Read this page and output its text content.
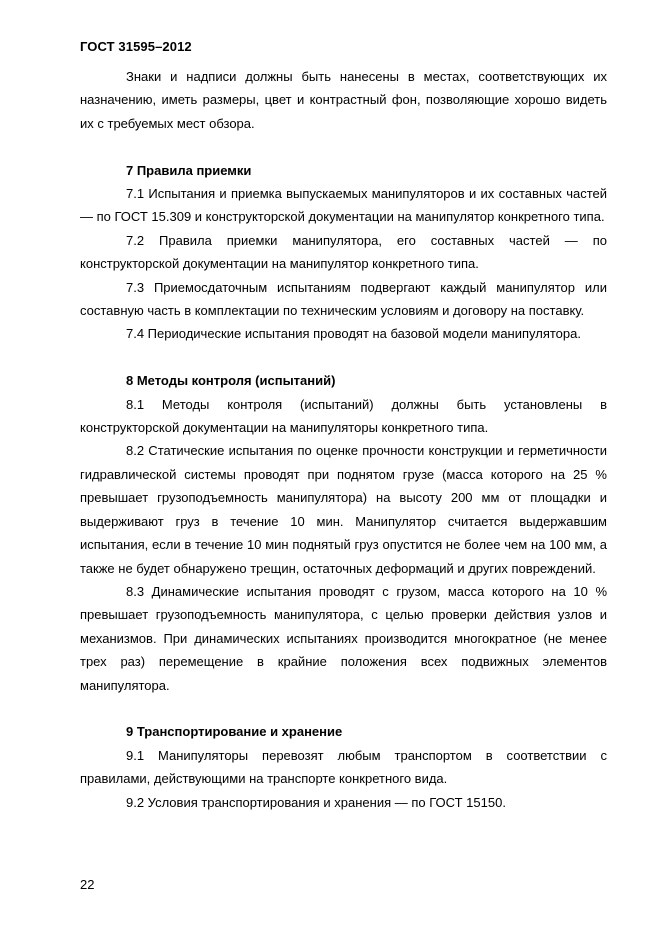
ГОСТ 31595–2012

Знаки и надписи должны быть нанесены в местах, соответствующих их назначению, иметь размеры, цвет и контрастный фон, позволяющие хорошо видеть их с требуемых мест обзора.

7 Правила приемки

7.1 Испытания и приемка выпускаемых манипуляторов и их составных частей — по ГОСТ 15.309 и конструкторской документации на манипулятор конкретного типа.

7.2 Правила приемки манипулятора, его составных частей — по конструкторской документации на манипулятор конкретного типа.

7.3 Приемосдаточным испытаниям подвергают каждый манипулятор или составную часть в комплектации по техническим условиям и договору на поставку.

7.4 Периодические испытания проводят на базовой модели манипулятора.

8 Методы контроля (испытаний)

8.1 Методы контроля (испытаний) должны быть установлены в конструкторской документации на манипуляторы конкретного типа.

8.2 Статические испытания по оценке прочности конструкции и герметичности гидравлической системы проводят при поднятом грузе (масса которого на 25 % превышает грузоподъемность манипулятора) на высоту 200 мм от площадки и выдерживают груз в течение 10 мин. Манипулятор считается выдержавшим испытания, если в течение 10 мин поднятый груз опустится не более чем на 100 мм, а также не будет обнаружено трещин, остаточных деформаций и других повреждений.

8.3 Динамические испытания проводят с грузом, масса которого на 10 % превышает грузоподъемность манипулятора, с целью проверки действия узлов и механизмов. При динамических испытаниях производится многократное (не менее трех раз) перемещение в крайние положения всех подвижных элементов манипулятора.

9 Транспортирование и хранение

9.1 Манипуляторы перевозят любым транспортом в соответствии с правилами, действующими на транспорте конкретного вида.

9.2 Условия транспортирования и хранения — по ГОСТ 15150.

22
